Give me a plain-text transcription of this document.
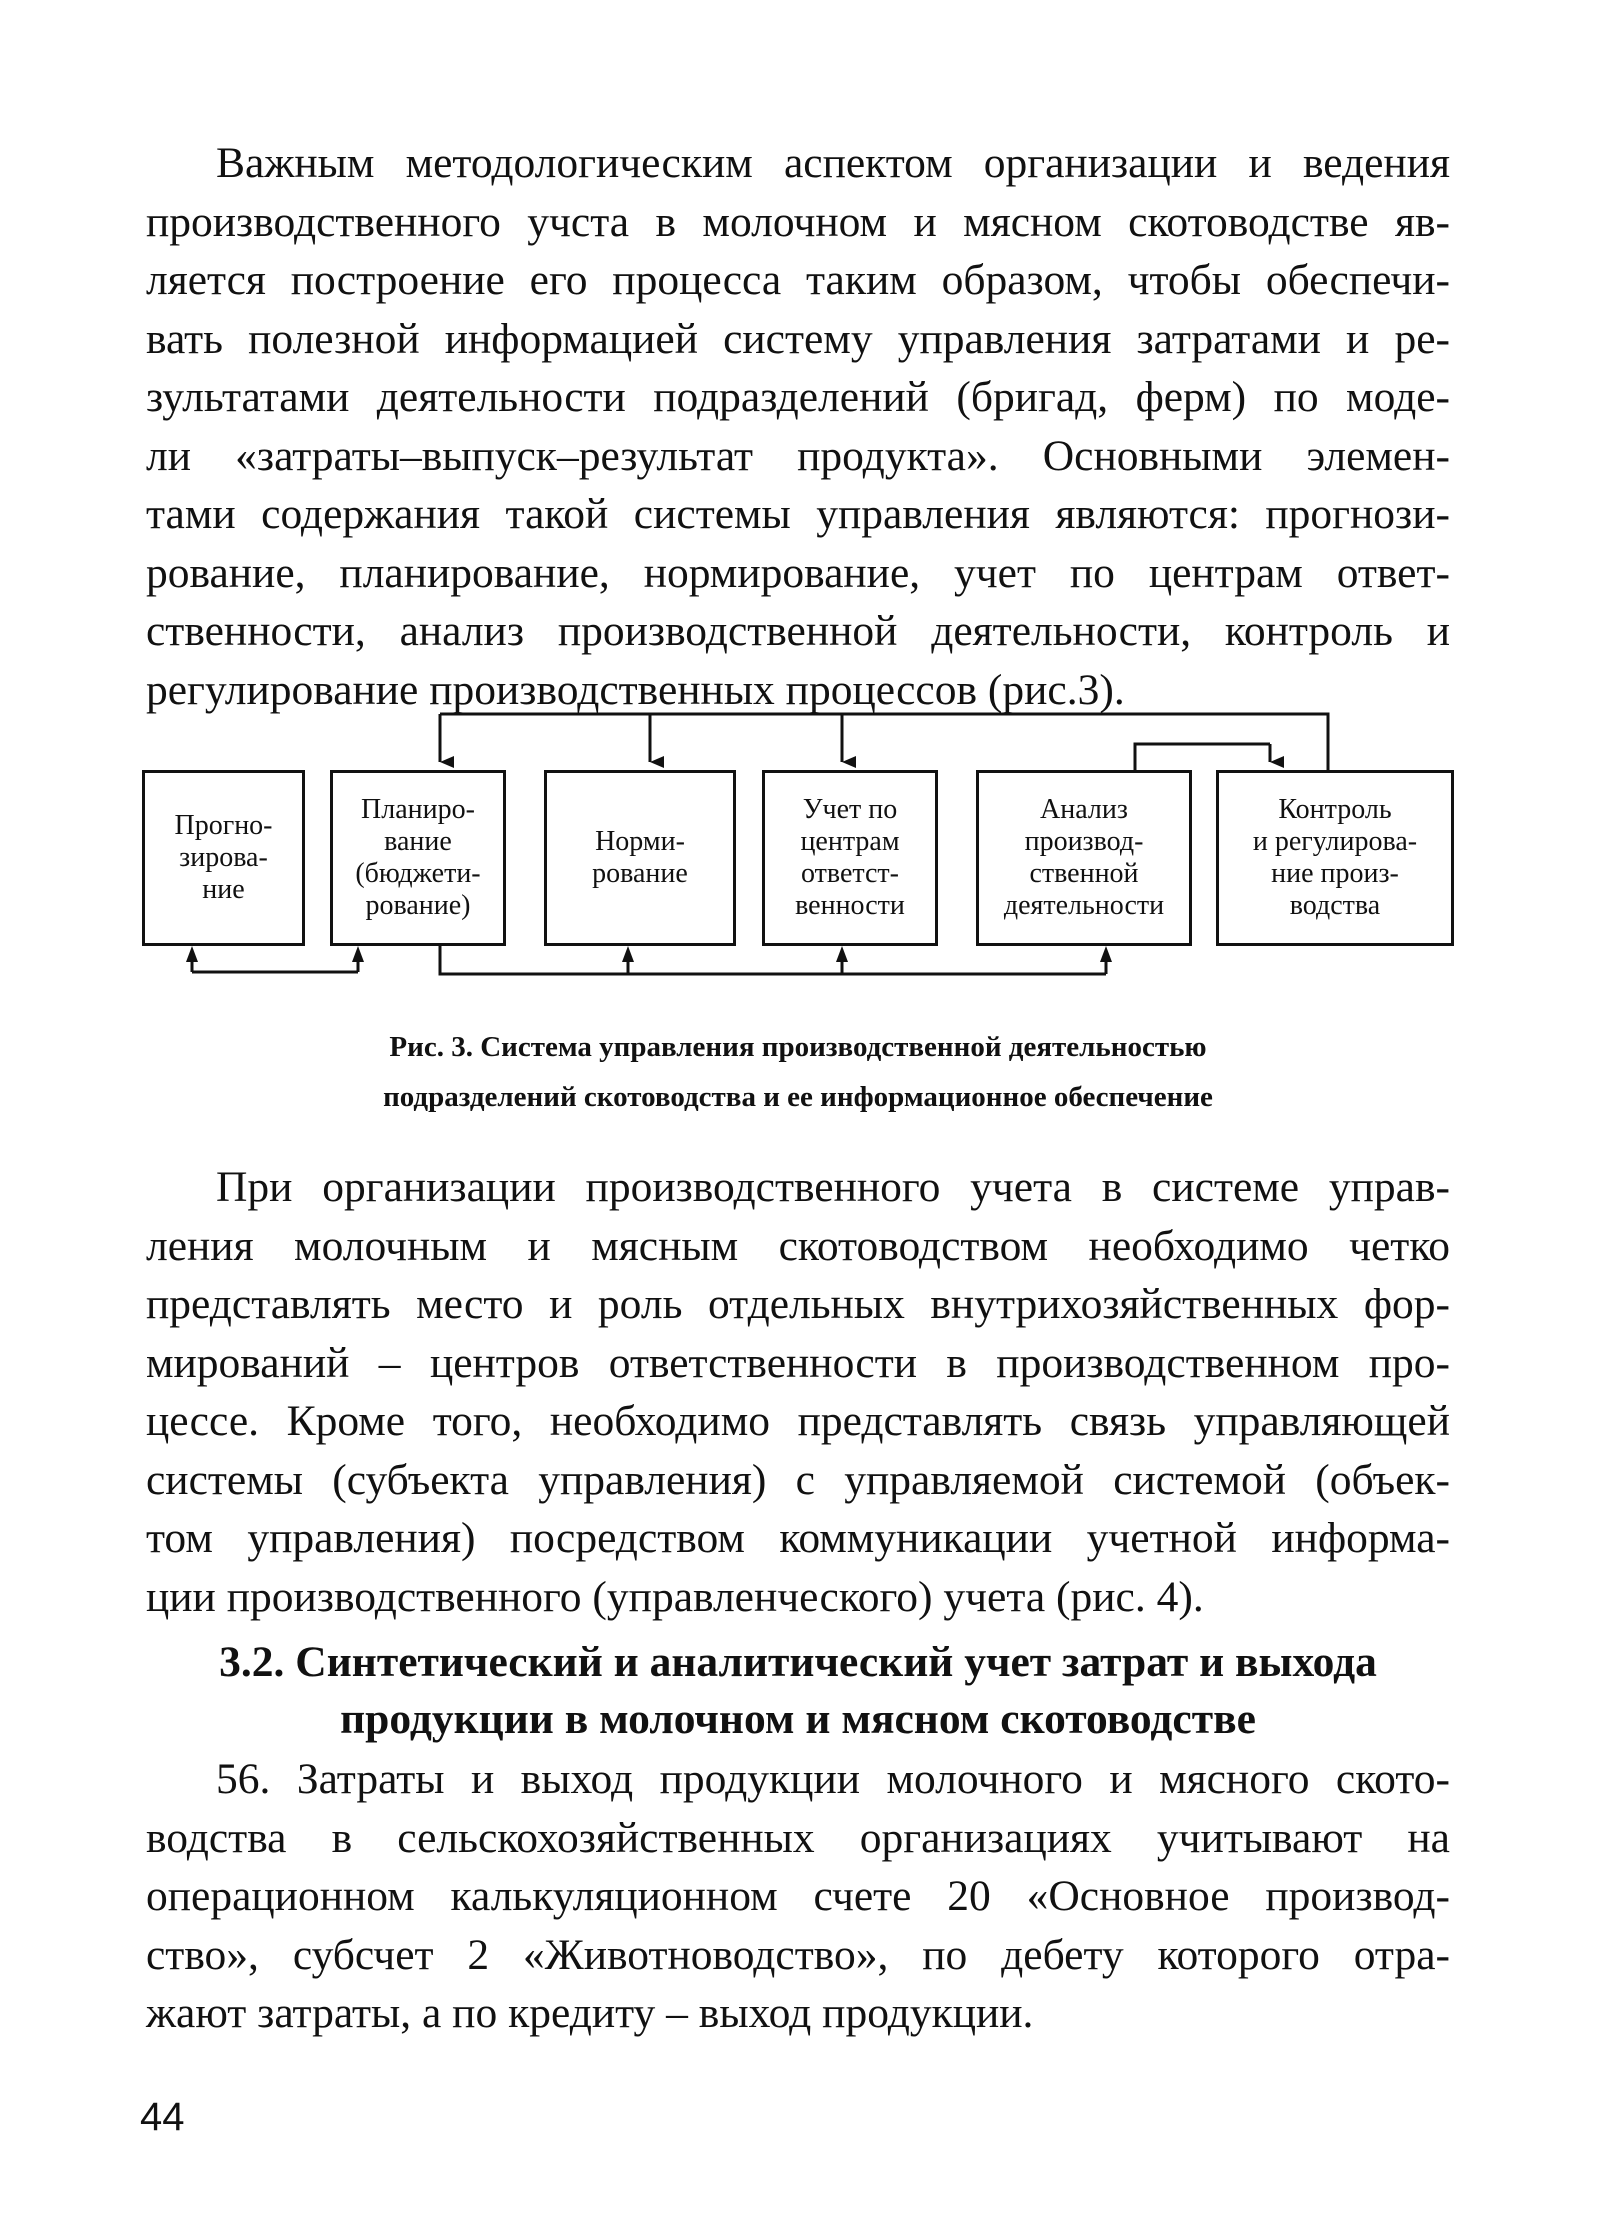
Важным методологическим аспектом организации и ведения
производственного учста в молочном и мясном скотоводстве яв-
ляется построение его процесса таким образом, чтобы обеспечи-
вать полезной информацией систему управления затратами и ре-
зультатами деятельности подразделений (бригад, ферм) по моде-
ли «затраты–выпуск–результат продукта». Основными элемен-
тами содержания такой системы управления являются: прогнози-
рование, планирование, нормирование, учет по центрам ответ-
ственности, анализ производственной деятельности, контроль и
регулирование производственных процессов (рис.3).
Прогно-
зирова-
ние
Планиро-
вание
(бюджети-
рование)
Норми-
рование
Учет по
центрам
ответст-
венности
Анализ
производ-
ственной
деятельности
Контроль
и регулирова-
ние произ-
водства
Рис. 3. Система управления производственной деятельностью
подразделений скотоводства и ее информационное обеспечение
При организации производственного учета в системе управ-
ления молочным и мясным скотоводством необходимо четко
представлять место и роль отдельных внутрихозяйственных фор-
мирований – центров ответственности в производственном про-
цессе. Кроме того, необходимо представлять связь управляющей
системы (субъекта управления) с управляемой системой (объек-
том управления) посредством коммуникации учетной информа-
ции производственного (управленческого) учета (рис. 4).
3.2. Синтетический и аналитический учет затрат и выхода
продукции в молочном и мясном скотоводстве
56. Затраты и выход продукции молочного и мясного ското-
водства в сельскохозяйственных организациях учитывают на
операционном калькуляционном счете 20 «Основное производ-
ство», субсчет 2 «Животноводство», по дебету которого отра-
жают затраты, а по кредиту – выход продукции.
44
